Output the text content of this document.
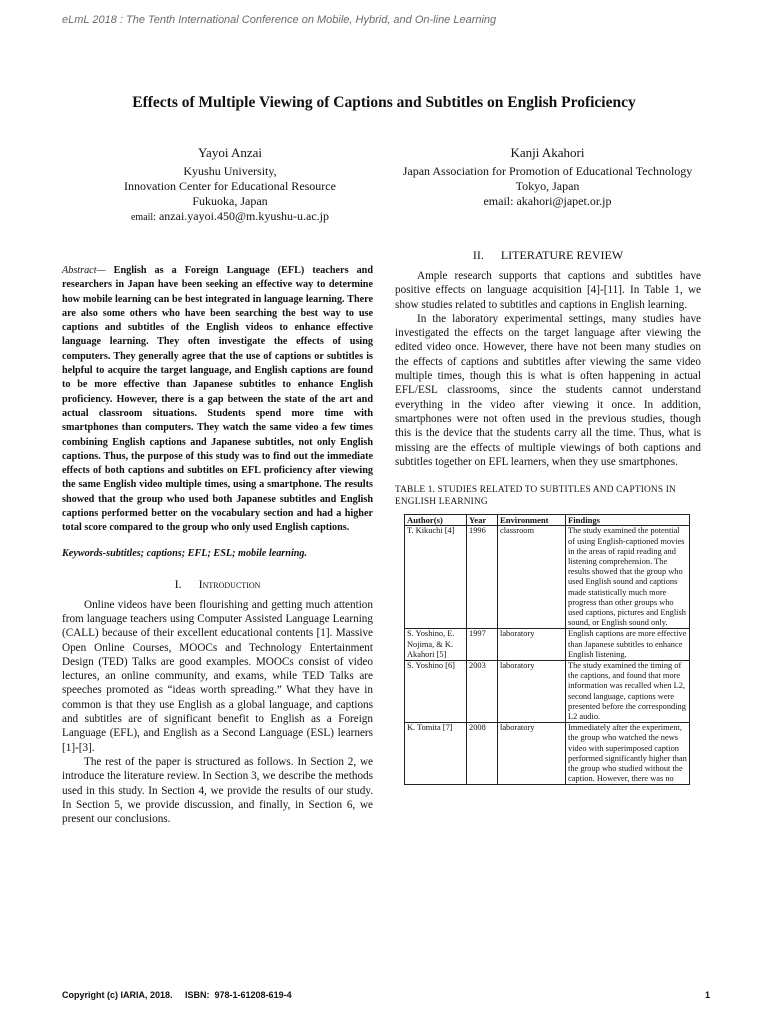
eLmL 2018 : The Tenth International Conference on Mobile, Hybrid, and On-line Learning
Effects of Multiple Viewing of Captions and Subtitles on English Proficiency
Yayoi Anzai
Kyushu University,
Innovation Center for Educational Resource
Fukuoka, Japan
email: anzai.yayoi.450@m.kyushu-u.ac.jp
Kanji Akahori
Japan Association for Promotion of Educational Technology
Tokyo, Japan
email: akahori@japet.or.jp
Abstract— English as a Foreign Language (EFL) teachers and researchers in Japan have been seeking an effective way to determine how mobile learning can be best integrated in language learning. There are also some others who have been searching the best way to use captions and subtitles of the English videos to enhance effective language learning. They often investigate the effects of using computers. They generally agree that the use of captions or subtitles is helpful to acquire the target language, and English captions are found to be more effective than Japanese subtitles to enhance English proficiency. However, there is a gap between the state of the art and actual classroom situations. Students spend more time with smartphones than computers. They watch the same video a few times combining English captions and Japanese subtitles, not only English captions. Thus, the purpose of this study was to find out the immediate effects of both captions and subtitles on EFL proficiency after viewing the same English video multiple times, using a smartphone. The results showed that the group who used both Japanese subtitles and English captions performed better on the vocabulary section and had a higher total score compared to the group who only used English captions.
Keywords-subtitles; captions; EFL; ESL; mobile learning.
I. Introduction

Online videos have been flourishing and getting much attention from language teachers using Computer Assisted Language Learning (CALL) because of their excellent educational contents [1]. Massive Open Online Courses, MOOCs and Technology Entertainment Design (TED) Talks are good examples. MOOCs consist of video lectures, an online community, and exams, while TED Talks are speeches promoted as “ideas worth spreading.” What they have in common is that they use English as a global language, and captions and subtitles are of significant benefit to English as a Foreign Language (EFL), and English as a Second Language (ESL) learners [1]-[3].

The rest of the paper is structured as follows. In Section 2, we introduce the literature review. In Section 3, we describe the methods used in this study. In Section 4, we provide the results of our study. In Section 5, we provide discussion, and finally, in Section 6, we present our conclusions.

II. LITERATURE REVIEW

Ample research supports that captions and subtitles have positive effects on language acquisition [4]-[11]. In Table 1, we show studies related to subtitles and captions in English learning.

In the laboratory experimental settings, many studies have investigated the effects on the target language after viewing the edited video once. However, there have not been many studies on the effects of captions and subtitles after viewing the same video multiple times, though this is what is often happening in actual EFL/ESL classrooms, since the students cannot understand everything in the video after viewing it once. In addition, smartphones were not often used in the previous studies, though this is the device that the students carry all the time. Thus, what is missing are the effects of multiple viewings of both captions and subtitles together on EFL learners, when they use smartphones.

TABLE 1. STUDIES RELATED TO SUBTITLES AND CAPTIONS IN ENGLISH LEARNING
Author(s)	Year	Environment	Findings
T. Kikuchi [4]	1996	classroom	The study examined the potential of using English-captioned movies in the areas of rapid reading and listening comprehension. The results showed that the group who used English sound and captions made statistically much more progress than other groups who used captions, pictures and English sound, or English sound only.
S. Yoshino, E. Nojima, & K. Akahori [5]	1997	laboratory	English captions are more effective than Japanese subtitles to enhance English listening.
S. Yoshino [6]	2003	laboratory	The study examined the timing of the captions, and found that more information was recalled when L2, second language, captions were presented before the corresponding L2 audio.
K. Tomita [7]	2008	laboratory	Immediately after the experiment, the group who watched the news video with superimposed caption performed significantly higher than the group who studied without the caption. However, there was no
Copyright (c) IARIA, 2018.     ISBN:  978-1-61208-619-4	1
